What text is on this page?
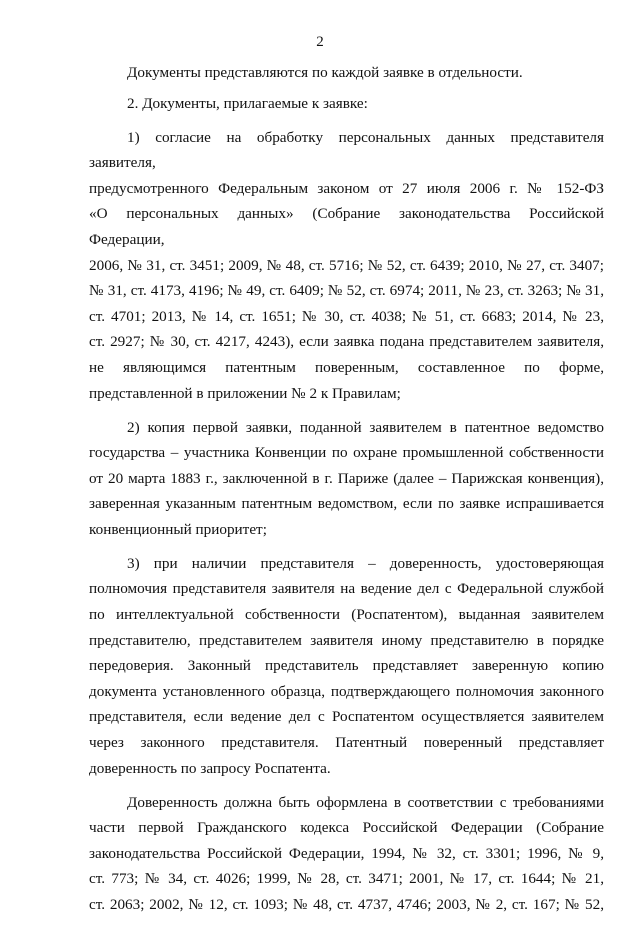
2
Документы представляются по каждой заявке в отдельности.
2. Документы, прилагаемые к заявке:
1) согласие на обработку персональных данных представителя заявителя,
предусмотренного Федеральным законом от 27 июля 2006 г. № 152-ФЗ
«О персональных данных» (Собрание законодательства Российской Федерации,
2006, № 31, ст. 3451; 2009, № 48, ст. 5716; № 52, ст. 6439; 2010, № 27, ст. 3407;
№ 31, ст. 4173, 4196; № 49, ст. 6409; № 52, ст. 6974; 2011, № 23, ст. 3263; № 31,
ст. 4701; 2013, № 14, ст. 1651; № 30, ст. 4038; № 51, ст. 6683; 2014, № 23,
ст. 2927; № 30, ст. 4217, 4243), если заявка подана представителем заявителя,
не являющимся патентным поверенным, составленное по форме,
представленной в приложении № 2 к Правилам;
2) копия первой заявки, поданной заявителем в патентное ведомство
государства – участника Конвенции по охране промышленной собственности
от 20 марта 1883 г., заключенной в г. Париже (далее – Парижская конвенция),
заверенная указанным патентным ведомством, если по заявке испрашивается
конвенционный приоритет;
3) при наличии представителя – доверенность, удостоверяющая
полномочия представителя заявителя на ведение дел с Федеральной службой
по интеллектуальной собственности (Роспатентом), выданная заявителем
представителю, представителем заявителя иному представителю в порядке
передоверия. Законный представитель представляет заверенную копию
документа установленного образца, подтверждающего полномочия законного
представителя, если ведение дел с Роспатентом осуществляется заявителем
через законного представителя. Патентный поверенный представляет
доверенность по запросу Роспатента.
Доверенность должна быть оформлена в соответствии с требованиями
части первой Гражданского кодекса Российской Федерации (Собрание
законодательства Российской Федерации, 1994, № 32, ст. 3301; 1996, № 9,
ст. 773; № 34, ст. 4026; 1999, № 28, ст. 3471; 2001, № 17, ст. 1644; № 21,
ст. 2063; 2002, № 12, ст. 1093; № 48, ст. 4737, 4746; 2003, № 2, ст. 167; № 52,
